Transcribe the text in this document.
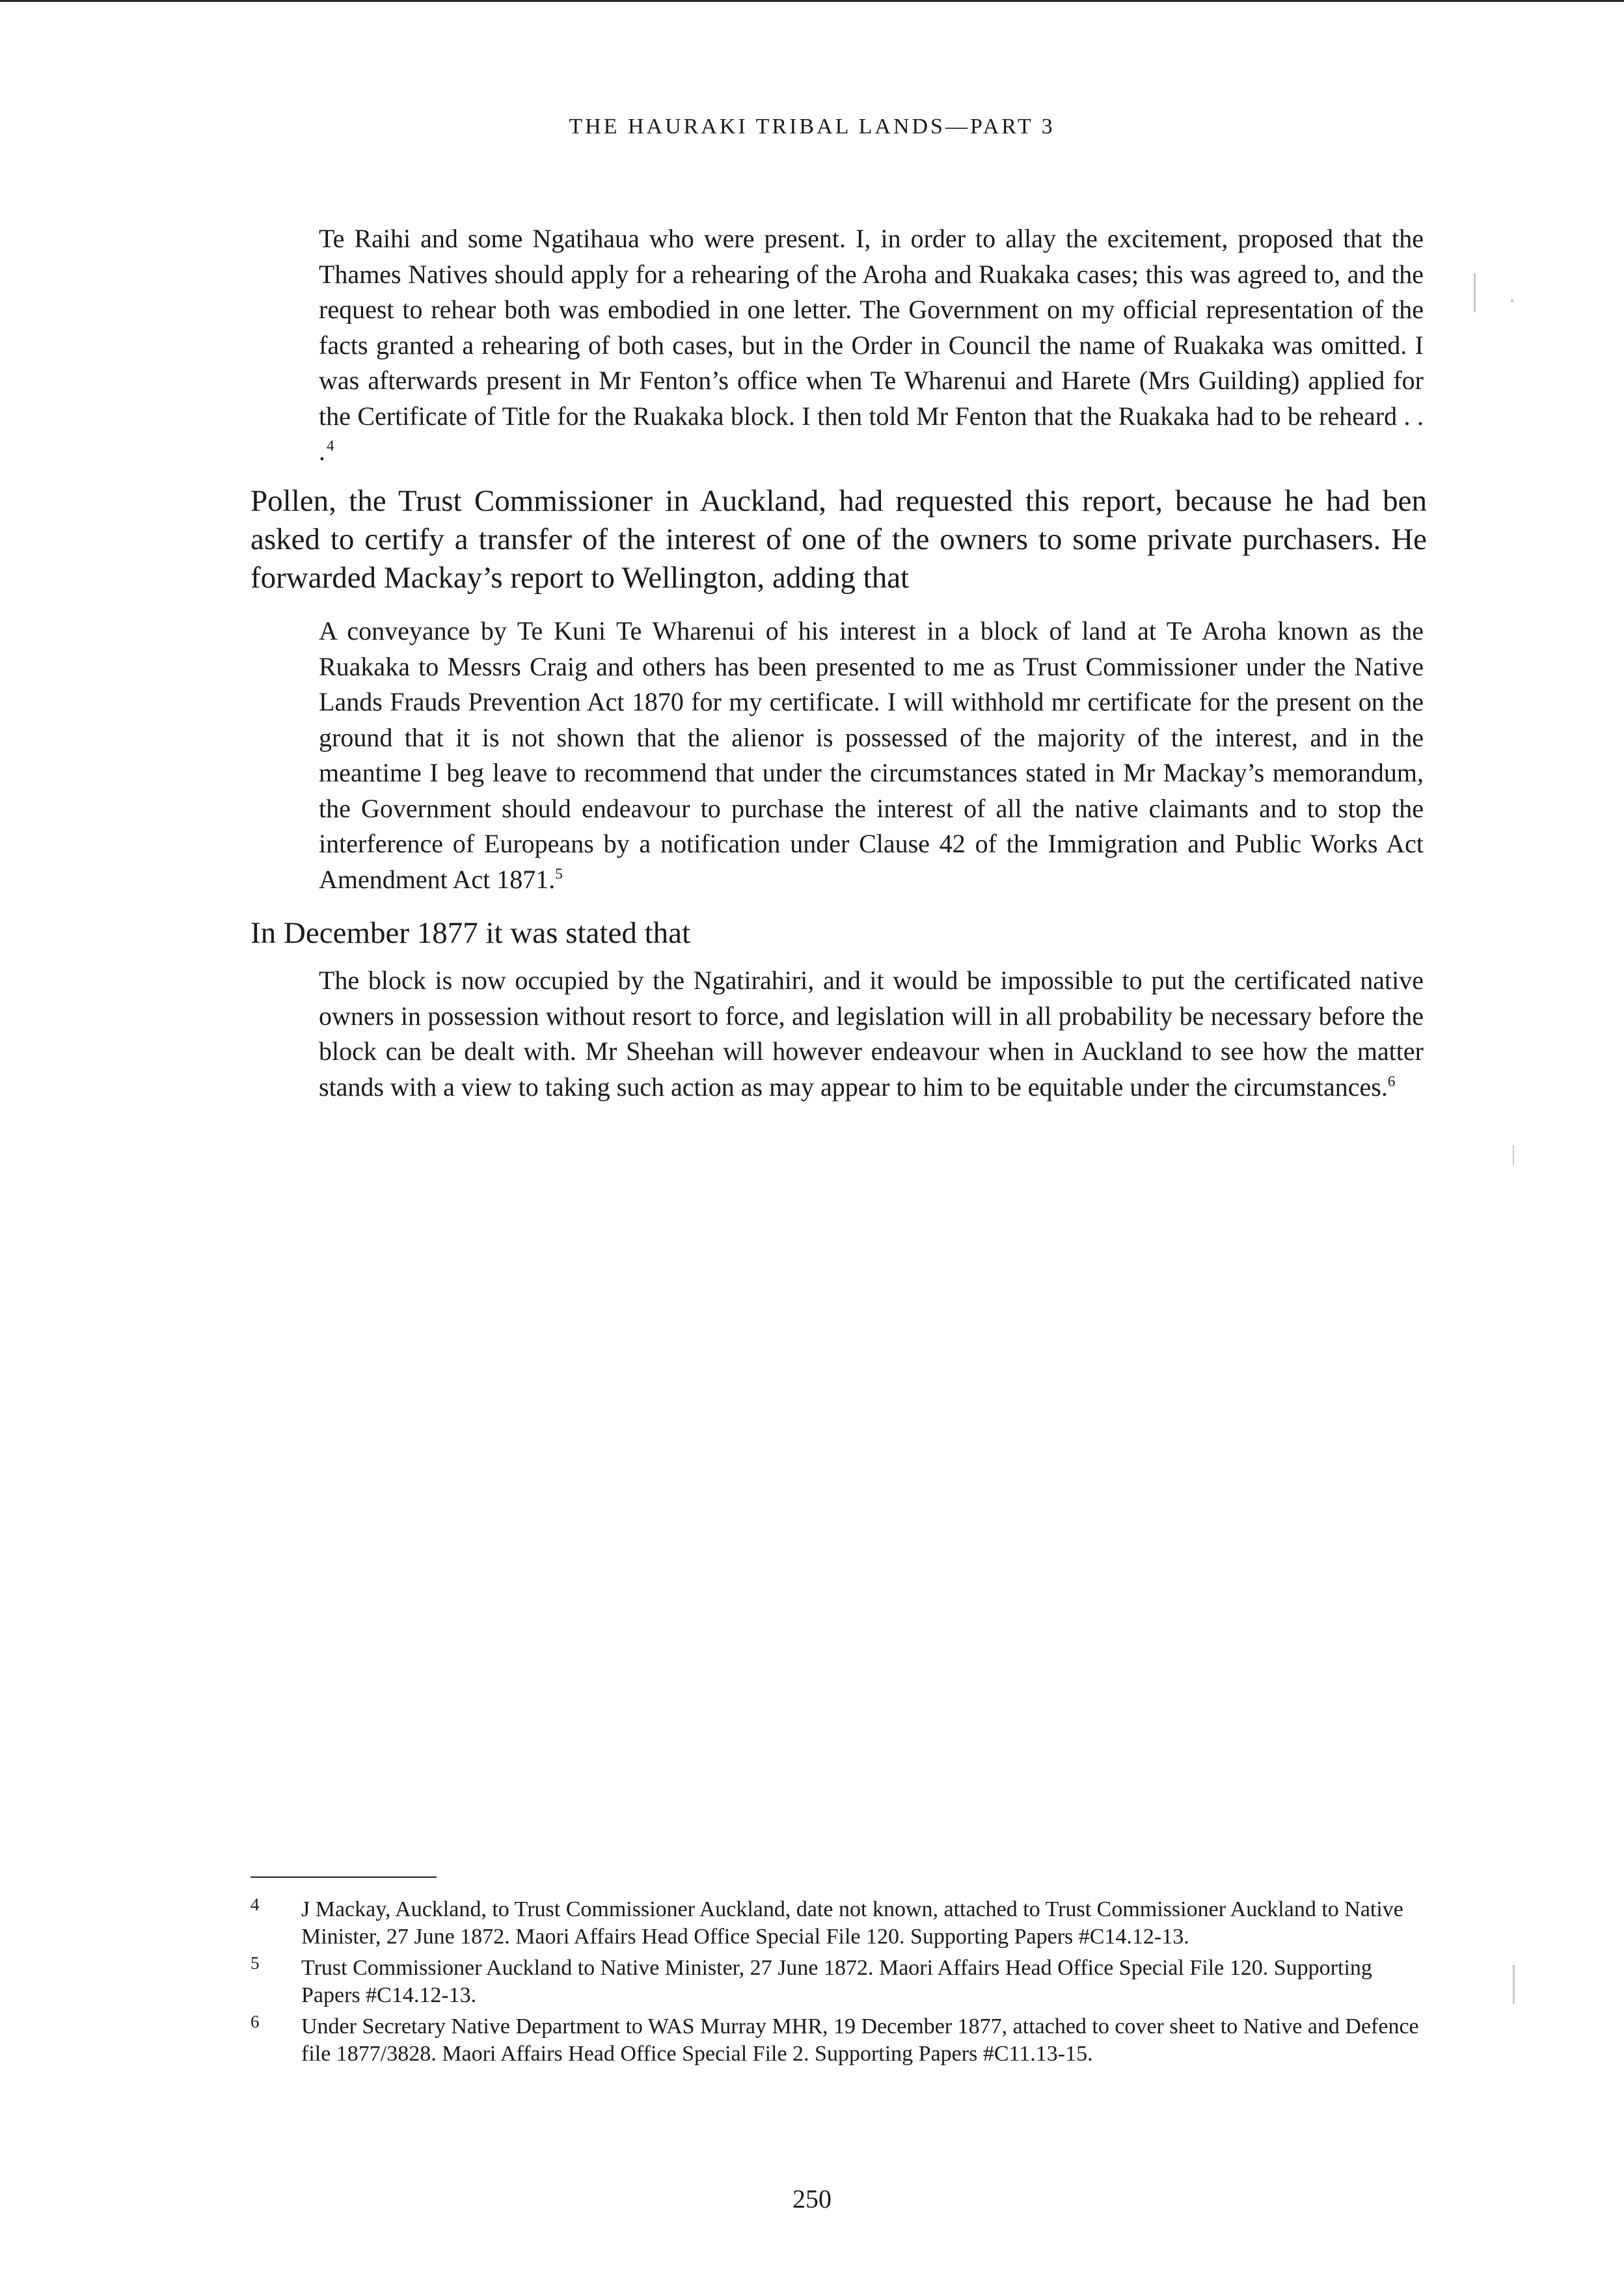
THE HAURAKI TRIBAL LANDS—PART 3
Te Raihi and some Ngatihaua who were present. I, in order to allay the excitement, proposed that the Thames Natives should apply for a rehearing of the Aroha and Ruakaka cases; this was agreed to, and the request to rehear both was embodied in one letter. The Government on my official representation of the facts granted a rehearing of both cases, but in the Order in Council the name of Ruakaka was omitted. I was afterwards present in Mr Fenton’s office when Te Wharenui and Harete (Mrs Guilding) applied for the Certificate of Title for the Ruakaka block. I then told Mr Fenton that the Ruakaka had to be reheard . . . $^4$
Pollen, the Trust Commissioner in Auckland, had requested this report, because he had ben asked to certify a transfer of the interest of one of the owners to some private purchasers. He forwarded Mackay’s report to Wellington, adding that
A conveyance by Te Kuni Te Wharenui of his interest in a block of land at Te Aroha known as the Ruakaka to Messrs Craig and others has been presented to me as Trust Commissioner under the Native Lands Frauds Prevention Act 1870 for my certificate. I will withhold mr certificate for the present on the ground that it is not shown that the alienor is possessed of the majority of the interest, and in the meantime I beg leave to recommend that under the circumstances stated in Mr Mackay’s memorandum, the Government should endeavour to purchase the interest of all the native claimants and to stop the interference of Europeans by a notification under Clause 42 of the Immigration and Public Works Act Amendment Act 1871.$^5$
In December 1877 it was stated that
The block is now occupied by the Ngatirahiri, and it would be impossible to put the certificated native owners in possession without resort to force, and legislation will in all probability be necessary before the block can be dealt with. Mr Sheehan will however endeavour when in Auckland to see how the matter stands with a view to taking such action as may appear to him to be equitable under the circumstances.$^6$
4 J Mackay, Auckland, to Trust Commissioner Auckland, date not known, attached to Trust Commissioner Auckland to Native Minister, 27 June 1872. Maori Affairs Head Office Special File 120. Supporting Papers #C14.12-13.
5 Trust Commissioner Auckland to Native Minister, 27 June 1872. Maori Affairs Head Office Special File 120. Supporting Papers #C14.12-13.
6 Under Secretary Native Department to WAS Murray MHR, 19 December 1877, attached to cover sheet to Native and Defence file 1877/3828. Maori Affairs Head Office Special File 2. Supporting Papers #C11.13-15.
250
